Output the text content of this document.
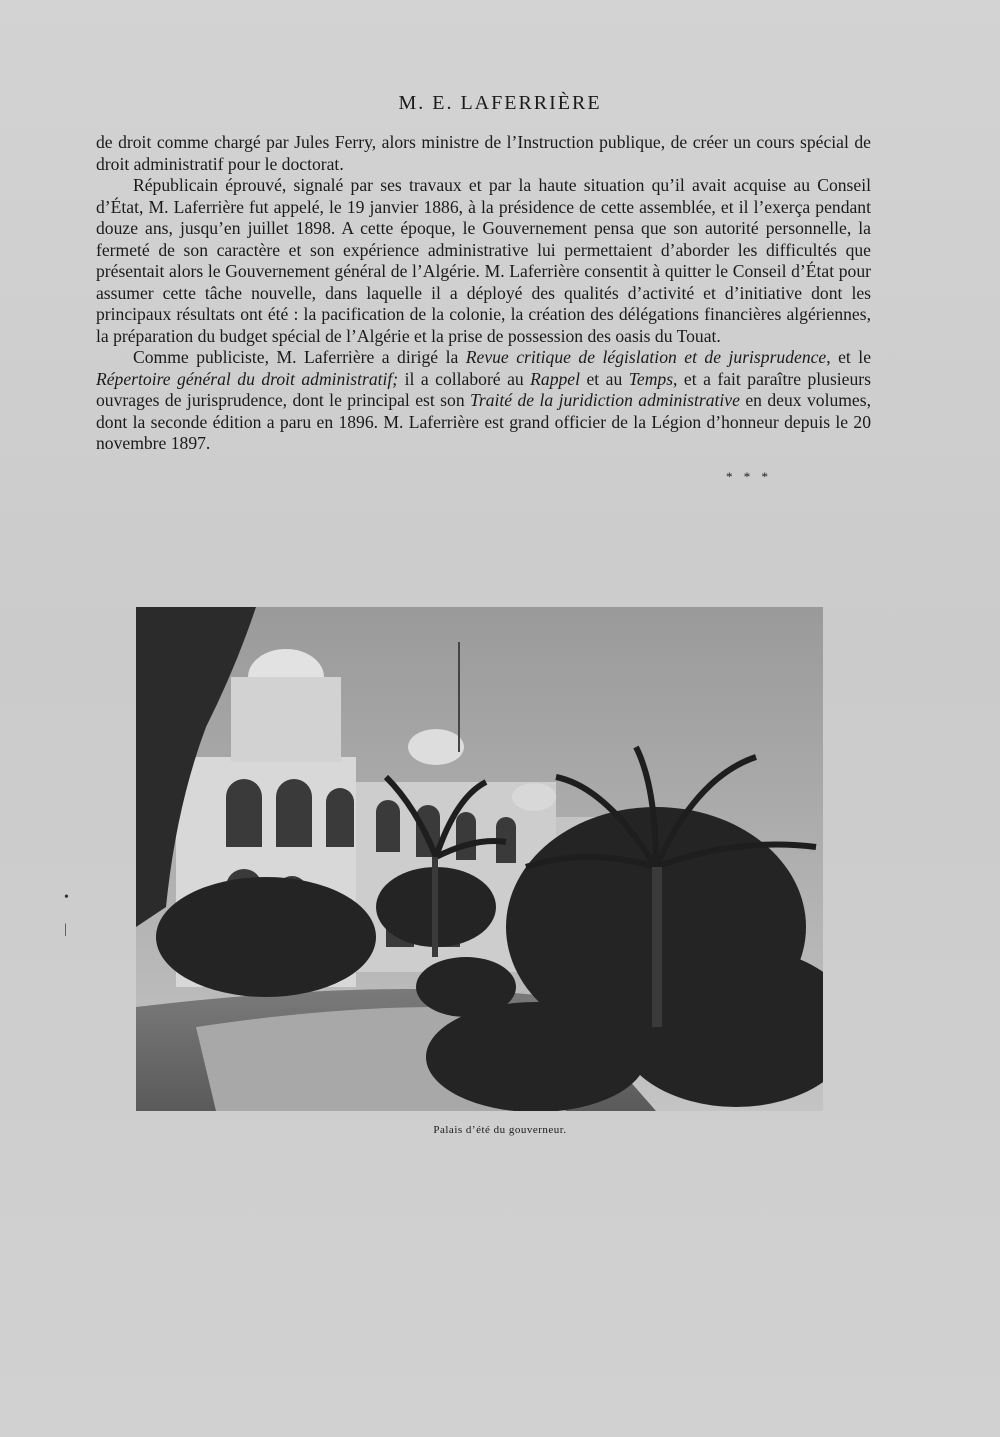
M. E. LAFERRIÈRE

de droit comme chargé par Jules Ferry, alors ministre de l’Instruction publique, de créer un cours spécial de droit administratif pour le doctorat.

Républicain éprouvé, signalé par ses travaux et par la haute situation qu’il avait acquise au Conseil d’État, M. Laferrière fut appelé, le 19 janvier 1886, à la présidence de cette assemblée, et il l’exerça pendant douze ans, jusqu’en juillet 1898. A cette époque, le Gouvernement pensa que son autorité personnelle, la fermeté de son caractère et son expérience administrative lui permettaient d’aborder les difficultés que présentait alors le Gouvernement général de l’Algérie. M. Laferrière consentit à quitter le Conseil d’État pour assumer cette tâche nouvelle, dans laquelle il a déployé des qualités d’activité et d’initiative dont les principaux résultats ont été : la pacification de la colonie, la création des délégations financières algériennes, la préparation du budget spécial de l’Algérie et la prise de possession des oasis du Touat.

Comme publiciste, M. Laferrière a dirigé la Revue critique de législation et de jurisprudence, et le Répertoire général du droit administratif; il a collaboré au Rappel et au Temps, et a fait paraître plusieurs ouvrages de jurisprudence, dont le principal est son Traité de la juridiction administrative en deux volumes, dont la seconde édition a paru en 1896. M. Laferrière est grand officier de la Légion d’honneur depuis le 20 novembre 1897.

* * *
Palais d’été du gouverneur.
•
|
